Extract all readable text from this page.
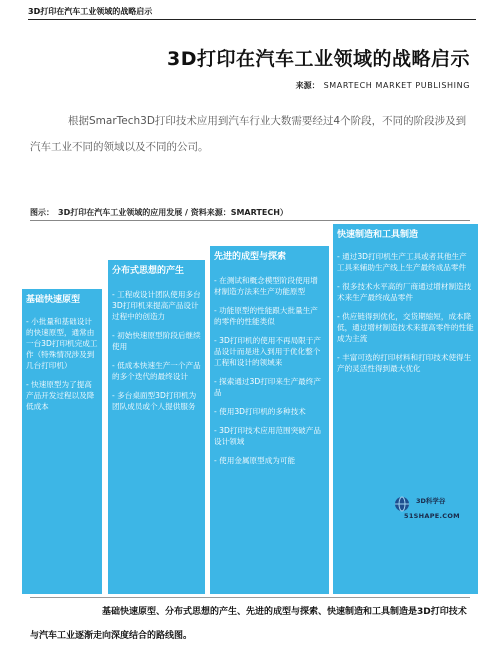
3D打印在汽车工业领域的战略启示
3D打印在汽车工业领域的战略启示
来源： SMARTECH MARKET PUBLISHING

根据SmarTech3D打印技术应用到汽车行业大数需要经过4个阶段，不同的阶段涉及到汽车工业不同的领域以及不同的公司。

图示： 3D打印在汽车工业领域的应用发展 / 资料来源：SMARTECH）
基础快速原型
- 小批量和基础设计的快速原型，通常由一台3D打印机完成工作（特殊情况涉及到几台打印机）
- 快速原型为了提高产品开发过程以及降低成本
分布式思想的产生
- 工程或设计团队使用多台3D打印机来提高产品设计过程中的创造力
- 初始快速原型阶段后继续使用
- 低成本快速生产一个产品的多个迭代的最终设计
- 多台桌面型3D打印机为团队成员或个人提供服务
先进的成型与探索
- 在测试和概念模型阶段使用增材制造方法来生产功能原型
- 功能原型的性能跟大批量生产的零件的性能类似
- 3D打印机的使用不再局限于产品设计而是进入到用于优化整个工程和设计的领域来
- 探索通过3D打印来生产最终产品
- 使用3D打印机的多种技术
- 3D打印技术应用范围突破产品设计领域
- 使用金属原型成为可能
快速制造和工具制造
- 通过3D打印机生产工具或者其他生产工具来辅助生产线上生产最终成品零件
- 很多技术水平高的厂商通过增材制造技术来生产最终成品零件
- 供应链得到优化，交货期缩短，成本降低，通过增材制造技术来提高零件的性能成为主流
- 丰富可选的打印材料和打印技术使得生产的灵活性得到最大优化
3D科学谷
51SHAPE.COM

基础快速原型、分布式思想的产生、先进的成型与探索、快速制造和工具制造是3D打印技术与汽车工业逐渐走向深度结合的路线图。
